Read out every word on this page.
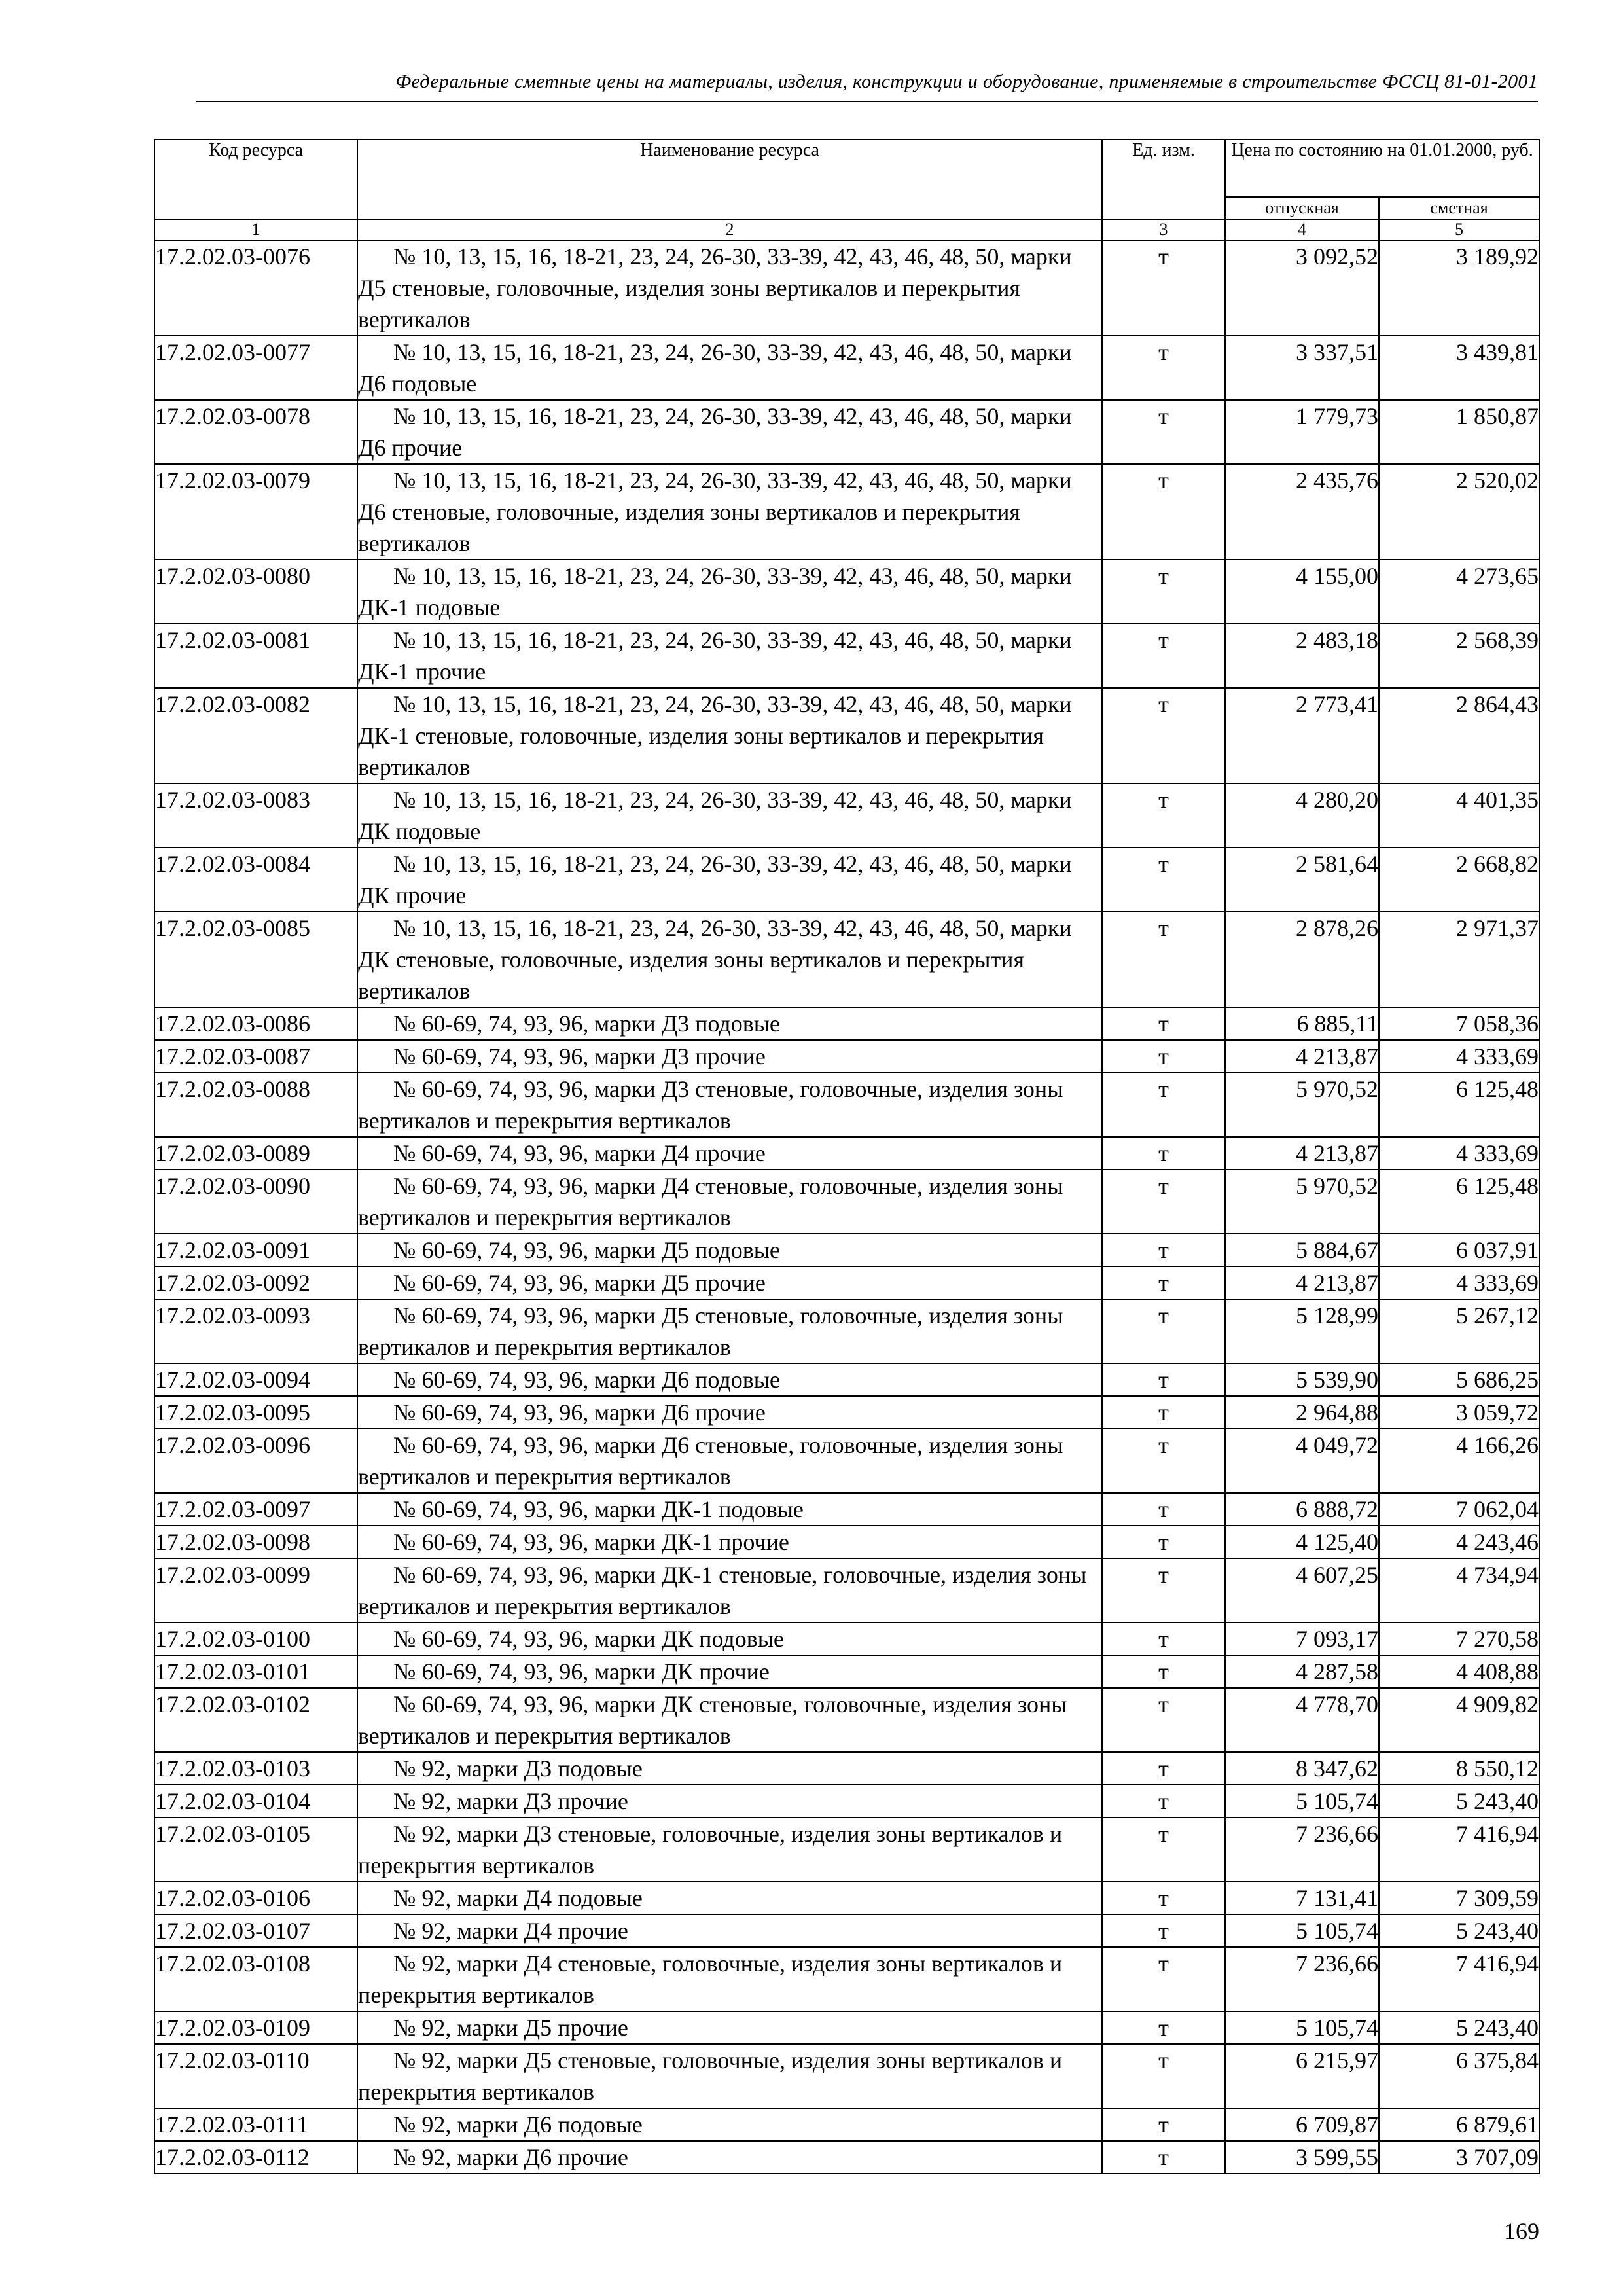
Федеральные сметные цены на материалы, изделия, конструкции и оборудование, применяемые в строительстве ФССЦ 81-01-2001
Код ресурса	Наименование ресурса	Ед. изм.	Цена по состоянию на 01.01.2000, руб.	
			отпускная	сметная
1	2	3	4	5
17.2.02.03-0076	№ 10, 13, 15, 16, 18-21, 23, 24, 26-30, 33-39, 42, 43, 46, 48, 50, марки Д5 стеновые, головочные, изделия зоны вертикалов и перекрытия вертикалов	т	3 092,52	3 189,92
17.2.02.03-0077	№ 10, 13, 15, 16, 18-21, 23, 24, 26-30, 33-39, 42, 43, 46, 48, 50, марки Д6 подовые	т	3 337,51	3 439,81
17.2.02.03-0078	№ 10, 13, 15, 16, 18-21, 23, 24, 26-30, 33-39, 42, 43, 46, 48, 50, марки Д6 прочие	т	1 779,73	1 850,87
17.2.02.03-0079	№ 10, 13, 15, 16, 18-21, 23, 24, 26-30, 33-39, 42, 43, 46, 48, 50, марки Д6 стеновые, головочные, изделия зоны вертикалов и перекрытия вертикалов	т	2 435,76	2 520,02
17.2.02.03-0080	№ 10, 13, 15, 16, 18-21, 23, 24, 26-30, 33-39, 42, 43, 46, 48, 50, марки ДК-1 подовые	т	4 155,00	4 273,65
17.2.02.03-0081	№ 10, 13, 15, 16, 18-21, 23, 24, 26-30, 33-39, 42, 43, 46, 48, 50, марки ДК-1 прочие	т	2 483,18	2 568,39
17.2.02.03-0082	№ 10, 13, 15, 16, 18-21, 23, 24, 26-30, 33-39, 42, 43, 46, 48, 50, марки ДК-1 стеновые, головочные, изделия зоны вертикалов и перекрытия вертикалов	т	2 773,41	2 864,43
17.2.02.03-0083	№ 10, 13, 15, 16, 18-21, 23, 24, 26-30, 33-39, 42, 43, 46, 48, 50, марки ДК подовые	т	4 280,20	4 401,35
17.2.02.03-0084	№ 10, 13, 15, 16, 18-21, 23, 24, 26-30, 33-39, 42, 43, 46, 48, 50, марки ДК прочие	т	2 581,64	2 668,82
17.2.02.03-0085	№ 10, 13, 15, 16, 18-21, 23, 24, 26-30, 33-39, 42, 43, 46, 48, 50, марки ДК стеновые, головочные, изделия зоны вертикалов и перекрытия вертикалов	т	2 878,26	2 971,37
17.2.02.03-0086	№ 60-69, 74, 93, 96, марки Д3 подовые	т	6 885,11	7 058,36
17.2.02.03-0087	№ 60-69, 74, 93, 96, марки Д3 прочие	т	4 213,87	4 333,69
17.2.02.03-0088	№ 60-69, 74, 93, 96, марки Д3 стеновые, головочные, изделия зоны вертикалов и перекрытия вертикалов	т	5 970,52	6 125,48
17.2.02.03-0089	№ 60-69, 74, 93, 96, марки Д4 прочие	т	4 213,87	4 333,69
17.2.02.03-0090	№ 60-69, 74, 93, 96, марки Д4 стеновые, головочные, изделия зоны вертикалов и перекрытия вертикалов	т	5 970,52	6 125,48
17.2.02.03-0091	№ 60-69, 74, 93, 96, марки Д5 подовые	т	5 884,67	6 037,91
17.2.02.03-0092	№ 60-69, 74, 93, 96, марки Д5 прочие	т	4 213,87	4 333,69
17.2.02.03-0093	№ 60-69, 74, 93, 96, марки Д5 стеновые, головочные, изделия зоны вертикалов и перекрытия вертикалов	т	5 128,99	5 267,12
17.2.02.03-0094	№ 60-69, 74, 93, 96, марки Д6 подовые	т	5 539,90	5 686,25
17.2.02.03-0095	№ 60-69, 74, 93, 96, марки Д6 прочие	т	2 964,88	3 059,72
17.2.02.03-0096	№ 60-69, 74, 93, 96, марки Д6 стеновые, головочные, изделия зоны вертикалов и перекрытия вертикалов	т	4 049,72	4 166,26
17.2.02.03-0097	№ 60-69, 74, 93, 96, марки ДК-1 подовые	т	6 888,72	7 062,04
17.2.02.03-0098	№ 60-69, 74, 93, 96, марки ДК-1 прочие	т	4 125,40	4 243,46
17.2.02.03-0099	№ 60-69, 74, 93, 96, марки ДК-1 стеновые, головочные, изделия зоны вертикалов и перекрытия вертикалов	т	4 607,25	4 734,94
17.2.02.03-0100	№ 60-69, 74, 93, 96, марки ДК подовые	т	7 093,17	7 270,58
17.2.02.03-0101	№ 60-69, 74, 93, 96, марки ДК прочие	т	4 287,58	4 408,88
17.2.02.03-0102	№ 60-69, 74, 93, 96, марки ДК стеновые, головочные, изделия зоны вертикалов и перекрытия вертикалов	т	4 778,70	4 909,82
17.2.02.03-0103	№ 92, марки Д3 подовые	т	8 347,62	8 550,12
17.2.02.03-0104	№ 92, марки Д3 прочие	т	5 105,74	5 243,40
17.2.02.03-0105	№ 92, марки Д3 стеновые, головочные, изделия зоны вертикалов и перекрытия вертикалов	т	7 236,66	7 416,94
17.2.02.03-0106	№ 92, марки Д4 подовые	т	7 131,41	7 309,59
17.2.02.03-0107	№ 92, марки Д4 прочие	т	5 105,74	5 243,40
17.2.02.03-0108	№ 92, марки Д4 стеновые, головочные, изделия зоны вертикалов и перекрытия вертикалов	т	7 236,66	7 416,94
17.2.02.03-0109	№ 92, марки Д5 прочие	т	5 105,74	5 243,40
17.2.02.03-0110	№ 92, марки Д5 стеновые, головочные, изделия зоны вертикалов и перекрытия вертикалов	т	6 215,97	6 375,84
17.2.02.03-0111	№ 92, марки Д6 подовые	т	6 709,87	6 879,61
17.2.02.03-0112	№ 92, марки Д6 прочие	т	3 599,55	3 707,09
169
